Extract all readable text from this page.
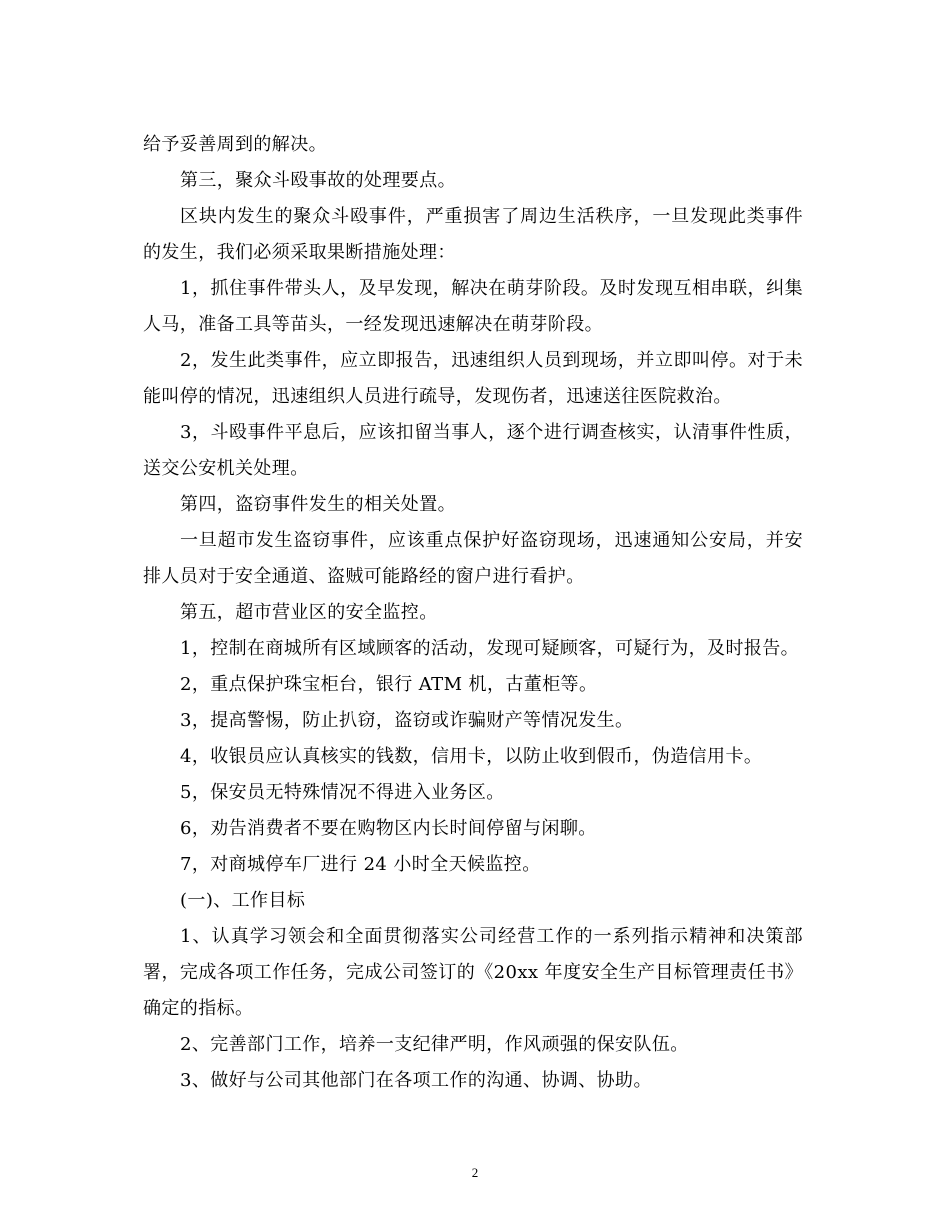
给予妥善周到的解决。

第三，聚众斗殴事故的处理要点。

区块内发生的聚众斗殴事件，严重损害了周边生活秩序，一旦发现此类事件的发生，我们必须采取果断措施处理：

1，抓住事件带头人，及早发现，解决在萌芽阶段。及时发现互相串联，纠集人马，准备工具等苗头，一经发现迅速解决在萌芽阶段。

2，发生此类事件，应立即报告，迅速组织人员到现场，并立即叫停。对于未能叫停的情况，迅速组织人员进行疏导，发现伤者，迅速送往医院救治。

3，斗殴事件平息后，应该扣留当事人，逐个进行调查核实，认清事件性质，送交公安机关处理。

第四，盗窃事件发生的相关处置。

一旦超市发生盗窃事件，应该重点保护好盗窃现场，迅速通知公安局，并安排人员对于安全通道、盗贼可能路经的窗户进行看护。

第五，超市营业区的安全监控。

1，控制在商城所有区域顾客的活动，发现可疑顾客，可疑行为，及时报告。

2，重点保护珠宝柜台，银行 ATM 机，古董柜等。

3，提高警惕，防止扒窃，盗窃或诈骗财产等情况发生。

4，收银员应认真核实的钱数，信用卡，以防止收到假币，伪造信用卡。

5，保安员无特殊情况不得进入业务区。

6，劝告消费者不要在购物区内长时间停留与闲聊。

7，对商城停车厂进行 24 小时全天候监控。

(一)、工作目标

1、认真学习领会和全面贯彻落实公司经营工作的一系列指示精神和决策部署，完成各项工作任务，完成公司签订的《20xx 年度安全生产目标管理责任书》确定的指标。

2、完善部门工作，培养一支纪律严明，作风顽强的保安队伍。

3、做好与公司其他部门在各项工作的沟通、协调、协助。

2
